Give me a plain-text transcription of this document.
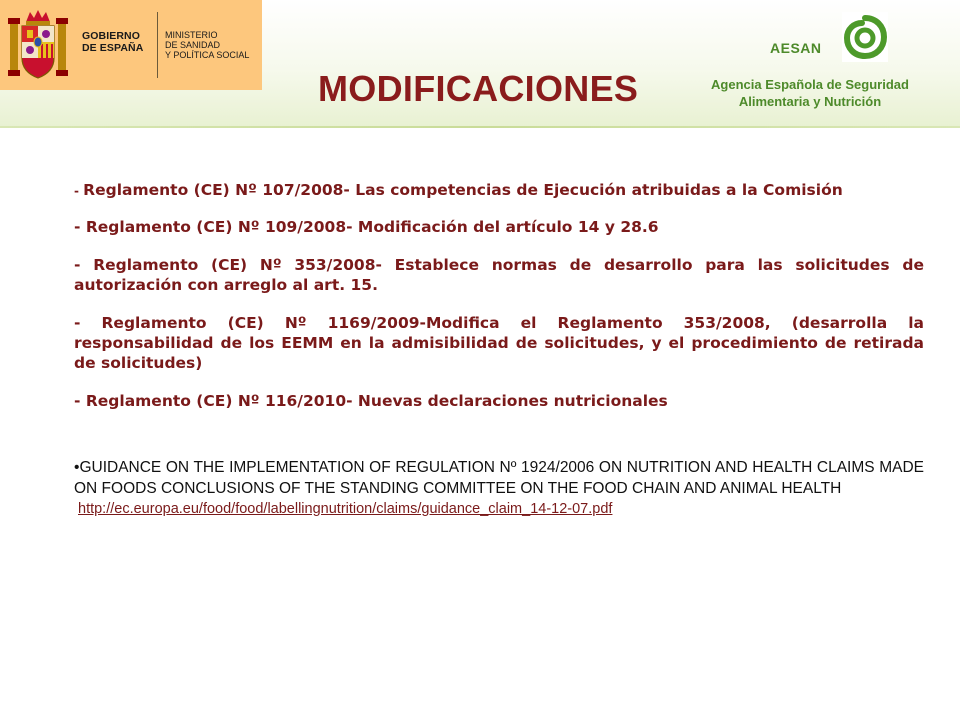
GOBIERNO
DE ESPAÑA
MINISTERIO
DE SANIDAD
Y POLÍTICA SOCIAL
MODIFICACIONES
AESAN
Agencia Española de Seguridad Alimentaria y Nutrición

- Reglamento (CE) Nº 107/2008- Las competencias de Ejecución atribuidas a la Comisión

- Reglamento (CE) Nº 109/2008- Modificación del artículo 14 y 28.6

- Reglamento (CE) Nº 353/2008- Establece normas de desarrollo para las solicitudes de autorización con arreglo al art. 15.

- Reglamento (CE) Nº 1169/2009-Modifica el Reglamento 353/2008, (desarrolla la responsabilidad de los EEMM en la admisibilidad de solicitudes, y el procedimiento de retirada de solicitudes)

- Reglamento (CE) Nº 116/2010- Nuevas declaraciones nutricionales

•GUIDANCE ON THE IMPLEMENTATION OF REGULATION Nº 1924/2006 ON NUTRITION AND HEALTH CLAIMS MADE ON FOODS CONCLUSIONS OF THE STANDING COMMITTEE ON THE FOOD CHAIN AND ANIMAL HEALTH
http://ec.europa.eu/food/food/labellingnutrition/claims/guidance_claim_14-12-07.pdf
